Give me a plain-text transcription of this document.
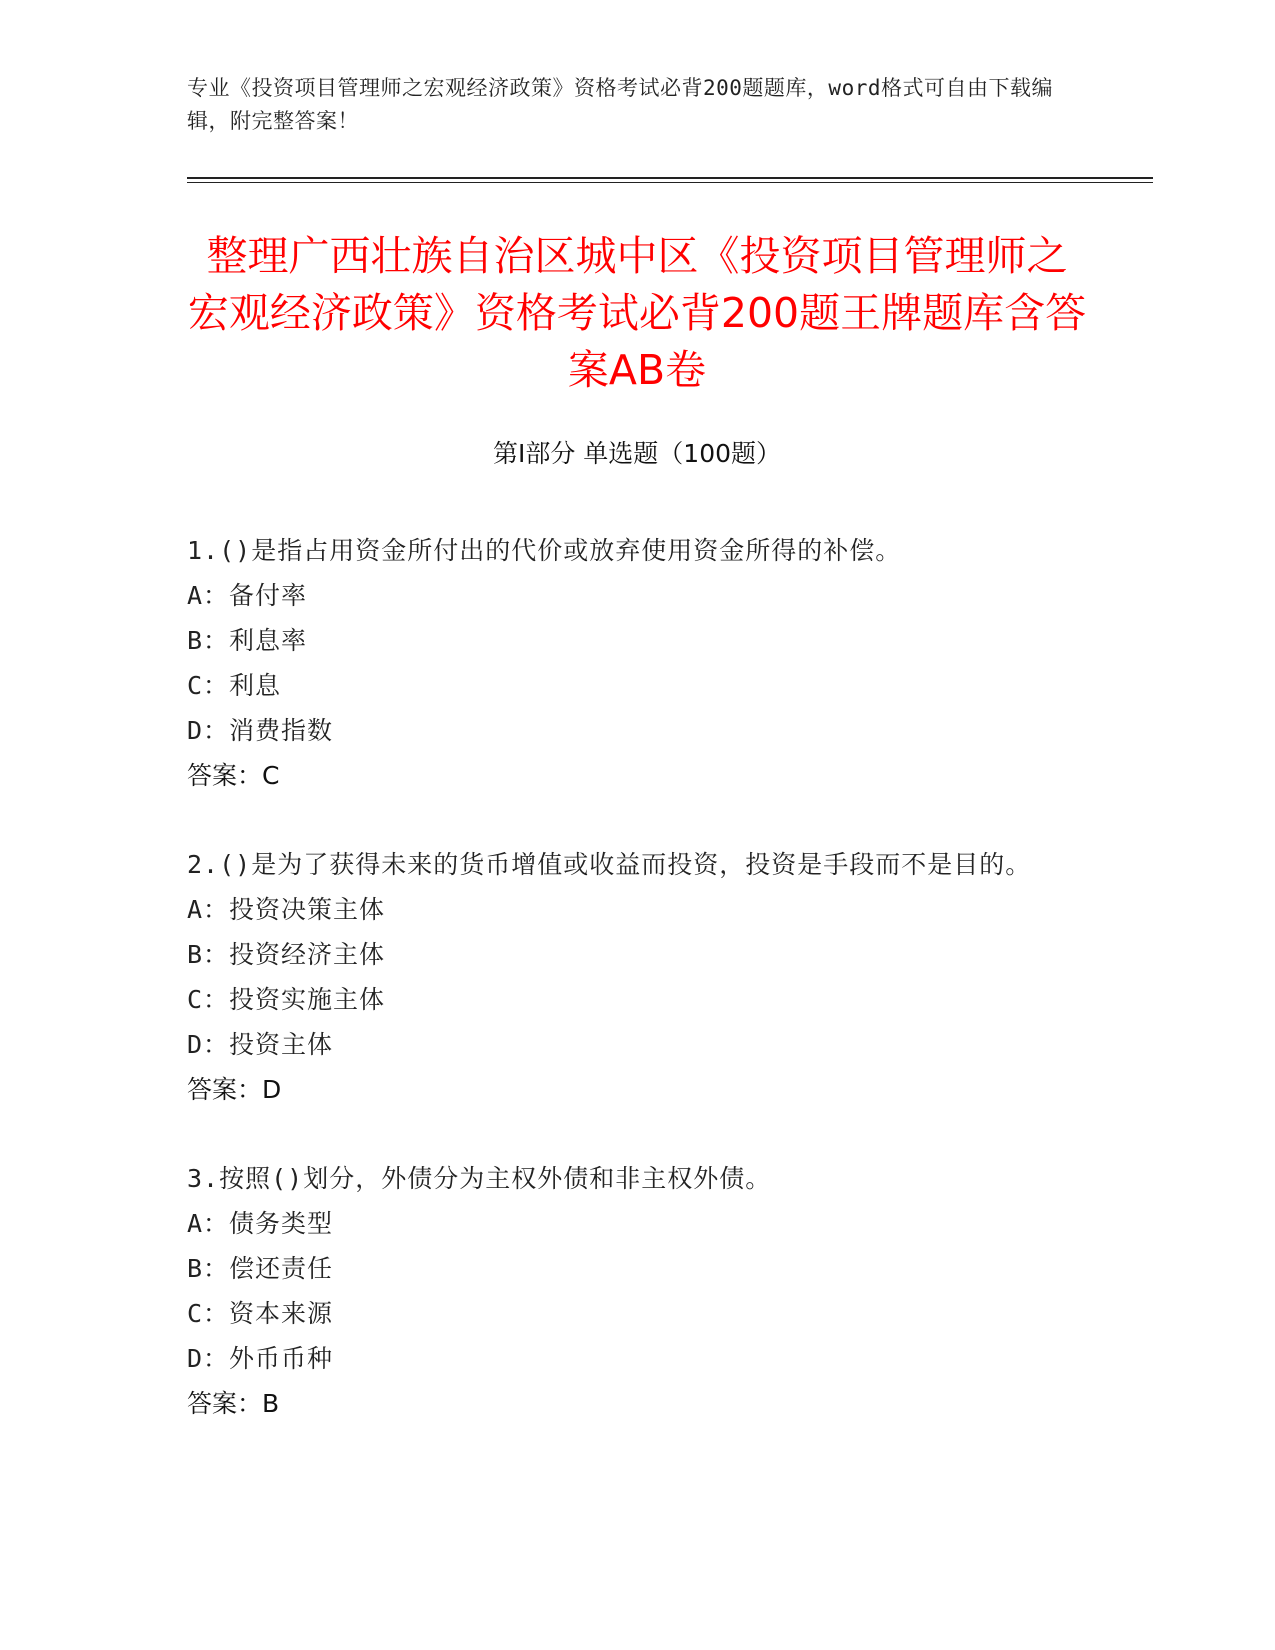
专业《投资项目管理师之宏观经济政策》资格考试必背200题题库，word格式可自由下载编辑，附完整答案！
整理广西壮族自治区城中区《投资项目管理师之宏观经济政策》资格考试必背200题王牌题库含答案AB卷
第Ⅰ部分 单选题（100题）

1.()是指占用资金所付出的代价或放弃使用资金所得的补偿。

A：备付率

B：利息率

C：利息

D：消费指数

答案：C

2.()是为了获得未来的货币增值或收益而投资，投资是手段而不是目的。

A：投资决策主体

B：投资经济主体

C：投资实施主体

D：投资主体

答案：D

3.按照()划分，外债分为主权外债和非主权外债。

A：债务类型

B：偿还责任

C：资本来源

D：外币币种

答案：B
